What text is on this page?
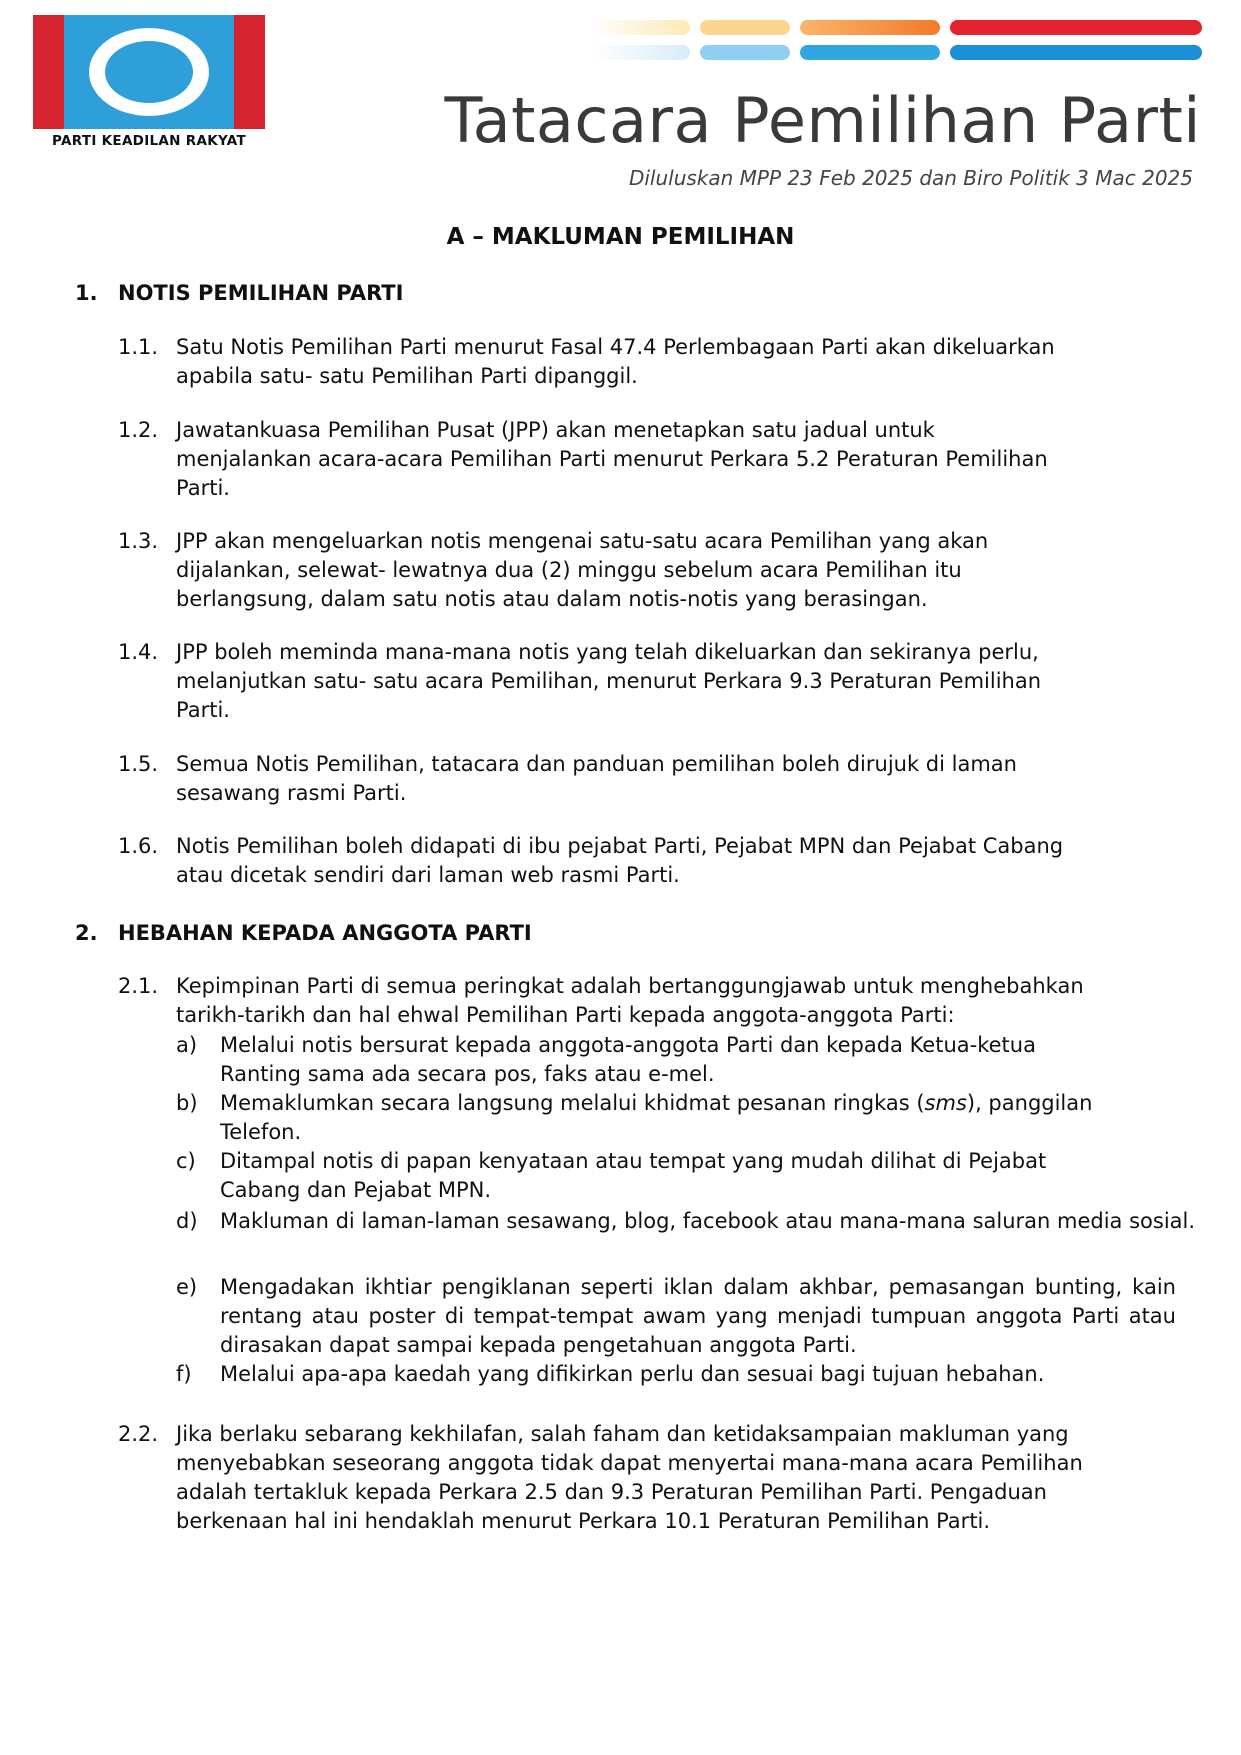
PARTI KEADILAN RAKYAT	Tatacara Pemilihan Parti
Diluluskan MPP 23 Feb 2025 dan Biro Politik 3 Mac 2025
A – MAKLUMAN PEMILIHAN
1. NOTIS PEMILIHAN PARTI
1.1. Satu Notis Pemilihan Parti menurut Fasal 47.4 Perlembagaan Parti akan dikeluarkan
apabila satu- satu Pemilihan Parti dipanggil.
1.2. Jawatankuasa Pemilihan Pusat (JPP) akan menetapkan satu jadual untuk
menjalankan acara-acara Pemilihan Parti menurut Perkara 5.2 Peraturan Pemilihan
Parti.
1.3. JPP akan mengeluarkan notis mengenai satu-satu acara Pemilihan yang akan
dijalankan, selewat- lewatnya dua (2) minggu sebelum acara Pemilihan itu
berlangsung, dalam satu notis atau dalam notis-notis yang berasingan.
1.4. JPP boleh meminda mana-mana notis yang telah dikeluarkan dan sekiranya perlu,
melanjutkan satu- satu acara Pemilihan, menurut Perkara 9.3 Peraturan Pemilihan
Parti.
1.5. Semua Notis Pemilihan, tatacara dan panduan pemilihan boleh dirujuk di laman
sesawang rasmi Parti.
1.6. Notis Pemilihan boleh didapati di ibu pejabat Parti, Pejabat MPN dan Pejabat Cabang
atau dicetak sendiri dari laman web rasmi Parti.
2. HEBAHAN KEPADA ANGGOTA PARTI
2.1. Kepimpinan Parti di semua peringkat adalah bertanggungjawab untuk menghebahkan
tarikh-tarikh dan hal ehwal Pemilihan Parti kepada anggota-anggota Parti:
a)	Melalui notis bersurat kepada anggota-anggota Parti dan kepada Ketua-ketua
Ranting sama ada secara pos, faks atau e-mel.
b)	Memaklumkan secara langsung melalui khidmat pesanan ringkas (sms), panggilan
Telefon.
c)	Ditampal notis di papan kenyataan atau tempat yang mudah dilihat di Pejabat
Cabang dan Pejabat MPN.
d)	Makluman di laman-laman sesawang, blog, facebook atau mana-mana saluran media sosial.
e)	Mengadakan ikhtiar pengiklanan seperti iklan dalam akhbar, pemasangan bunting, kain rentang atau poster di tempat-tempat awam yang menjadi tumpuan anggota Parti atau dirasakan dapat sampai kepada pengetahuan anggota Parti.
f)	Melalui apa-apa kaedah yang difikirkan perlu dan sesuai bagi tujuan hebahan.
2.2. Jika berlaku sebarang kekhilafan, salah faham dan ketidaksampaian makluman yang
menyebabkan seseorang anggota tidak dapat menyertai mana-mana acara Pemilihan
adalah tertakluk kepada Perkara 2.5 dan 9.3 Peraturan Pemilihan Parti. Pengaduan
berkenaan hal ini hendaklah menurut Perkara 10.1 Peraturan Pemilihan Parti.
